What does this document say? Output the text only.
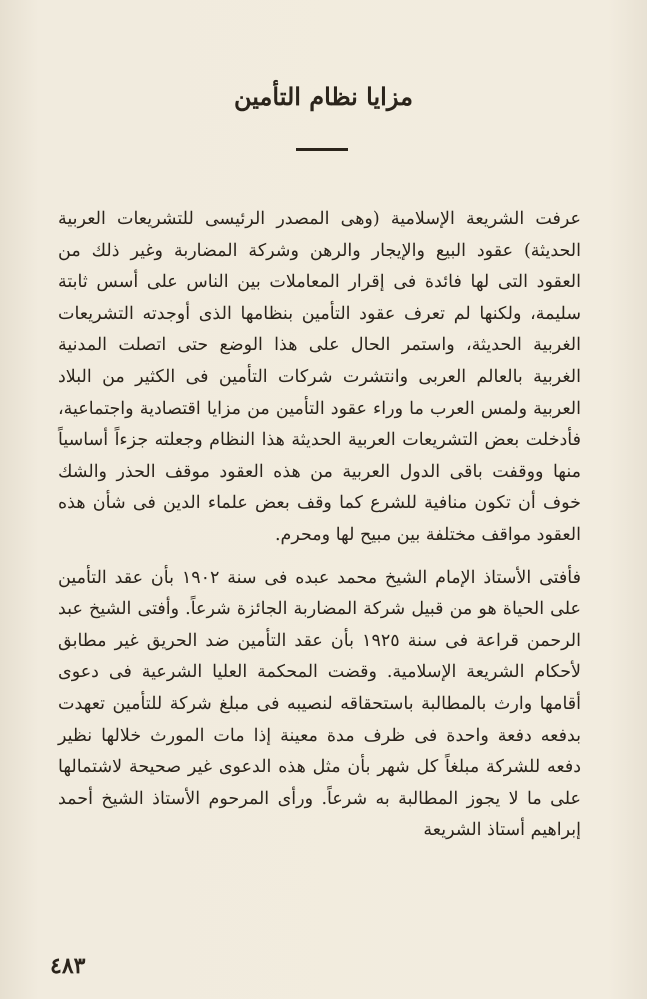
مزايا نظام التأمين

عرفت الشريعة الإسلامية (وهى المصدر الرئيسى للتشريعات العربية الحديثة) عقود البيع والإيجار والرهن وشركة المضاربة وغير ذلك من العقود التى لها فائدة فى إقرار المعاملات بين الناس على أسس ثابتة سليمة، ولكنها لم تعرف عقود التأمين بنظامها الذى أوجدته التشريعات الغربية الحديثة، واستمر الحال على هذا الوضع حتى اتصلت المدنية الغربية بالعالم العربى وانتشرت شركات التأمين فى الكثير من البلاد العربية ولمس العرب ما وراء عقود التأمين من مزايا اقتصادية واجتماعية، فأدخلت بعض التشريعات العربية الحديثة هذا النظام وجعلته جزءاً أساسياً منها ووقفت باقى الدول العربية من هذه العقود موقف الحذر والشك خوف أن تكون منافية للشرع كما وقف بعض علماء الدين فى شأن هذه العقود مواقف مختلفة بين مبيح لها ومحرم.

فأفتى الأستاذ الإمام الشيخ محمد عبده فى سنة ١٩٠٢ بأن عقد التأمين على الحياة هو من قبيل شركة المضاربة الجائزة شرعاً. وأفتى الشيخ عبد الرحمن قراعة فى سنة ١٩٢٥ بأن عقد التأمين ضد الحريق غير مطابق لأحكام الشريعة الإسلامية. وقضت المحكمة العليا الشرعية فى دعوى أقامها وارث بالمطالبة باستحقاقه لنصيبه فى مبلغ شركة للتأمين تعهدت بدفعه دفعة واحدة فى ظرف مدة معينة إذا مات المورث خلالها نظير دفعه للشركة مبلغاً كل شهر بأن مثل هذه الدعوى غير صحيحة لاشتمالها على ما لا يجوز المطالبة به شرعاً. ورأى المرحوم الأستاذ الشيخ أحمد إبراهيم أستاذ الشريعة

٤٨٣
